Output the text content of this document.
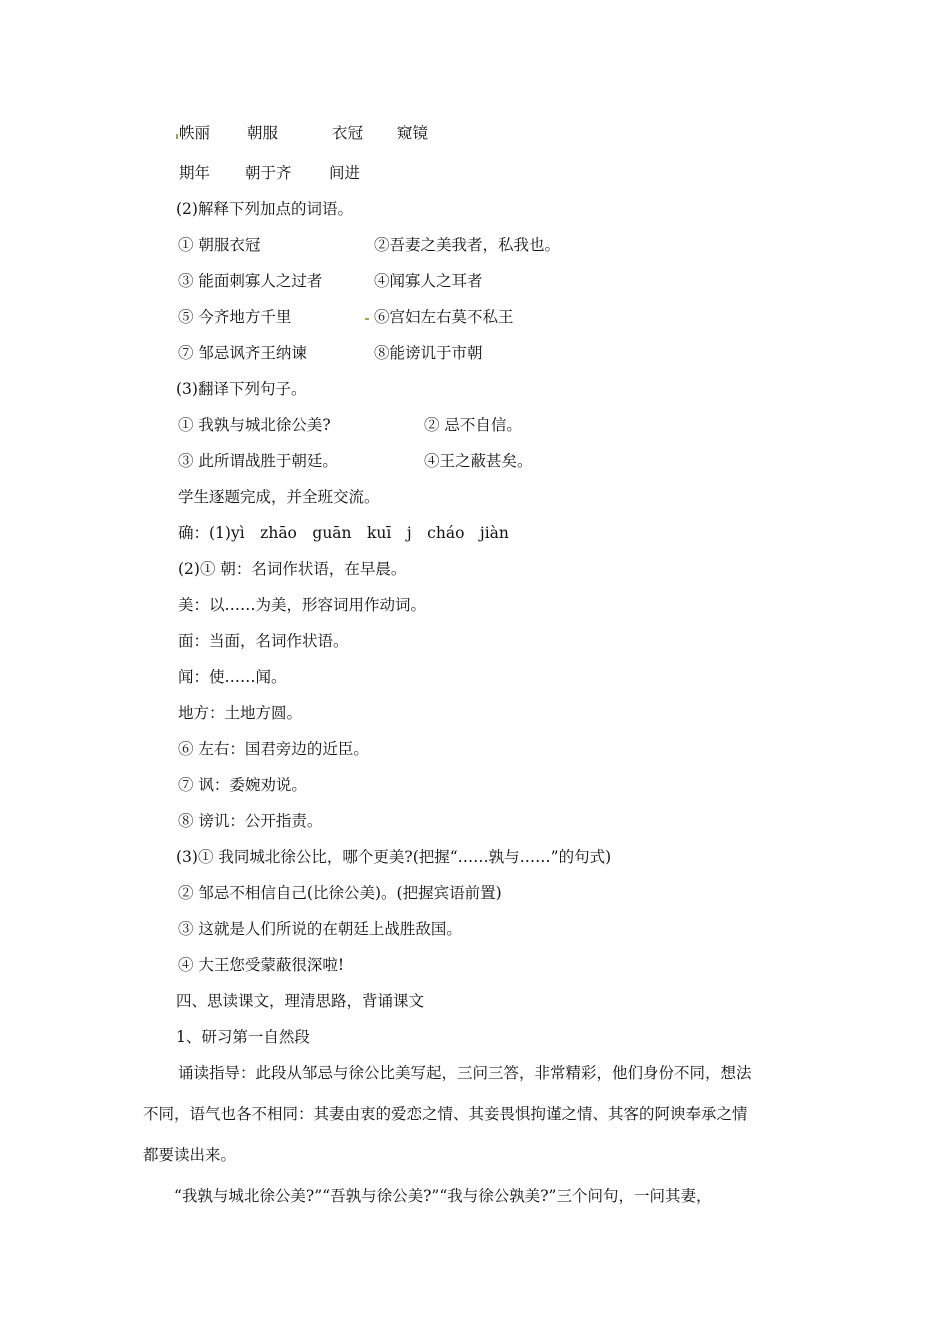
帙丽 朝服	衣冠 窥镜
期年 朝于齐 间进
(2)解释下列加点的词语。
① 朝服衣冠	②吾妻之美我者，私我也。
③ 能面刺寡人之过者	④闻寡人之耳者
⑤ 今齐地方千里	⑥宫妇左右莫不私王
⑦ 邹忌讽齐王纳谏	⑧能谤讥于市朝
(3)翻译下列句子。
① 我孰与城北徐公美?	② 忌不自信。
③ 此所谓战胜于朝廷。	④王之蔽甚矣。
学生逐题完成，并全班交流。
确：(1)yì　zhāo　guān　kuī　j　cháo　jiàn
(2)① 朝：名词作状语，在早晨。
美：以……为美，形容词用作动词。
面：当面，名词作状语。
闻：使……闻。
地方：土地方圆。
⑥ 左右：国君旁边的近臣。
⑦ 讽：委婉劝说。
⑧ 谤讥：公开指责。
(3)① 我同城北徐公比，哪个更美?(把握“……孰与……”的句式)
② 邹忌不相信自己(比徐公美)。(把握宾语前置)
③ 这就是人们所说的在朝廷上战胜敌国。
④ 大王您受蒙蔽很深啦!
四、思读课文，理清思路，背诵课文
1、研习第一自然段
诵读指导：此段从邹忌与徐公比美写起，三问三答，非常精彩，他们身份不同，想法
不同，语气也各不相同：其妻由衷的爱恋之情、其妾畏惧拘谨之情、其客的阿谀奉承之情
都要读出来。
“我孰与城北徐公美?”“吾孰与徐公美?”“我与徐公孰美?”三个问句，一问其妻，
